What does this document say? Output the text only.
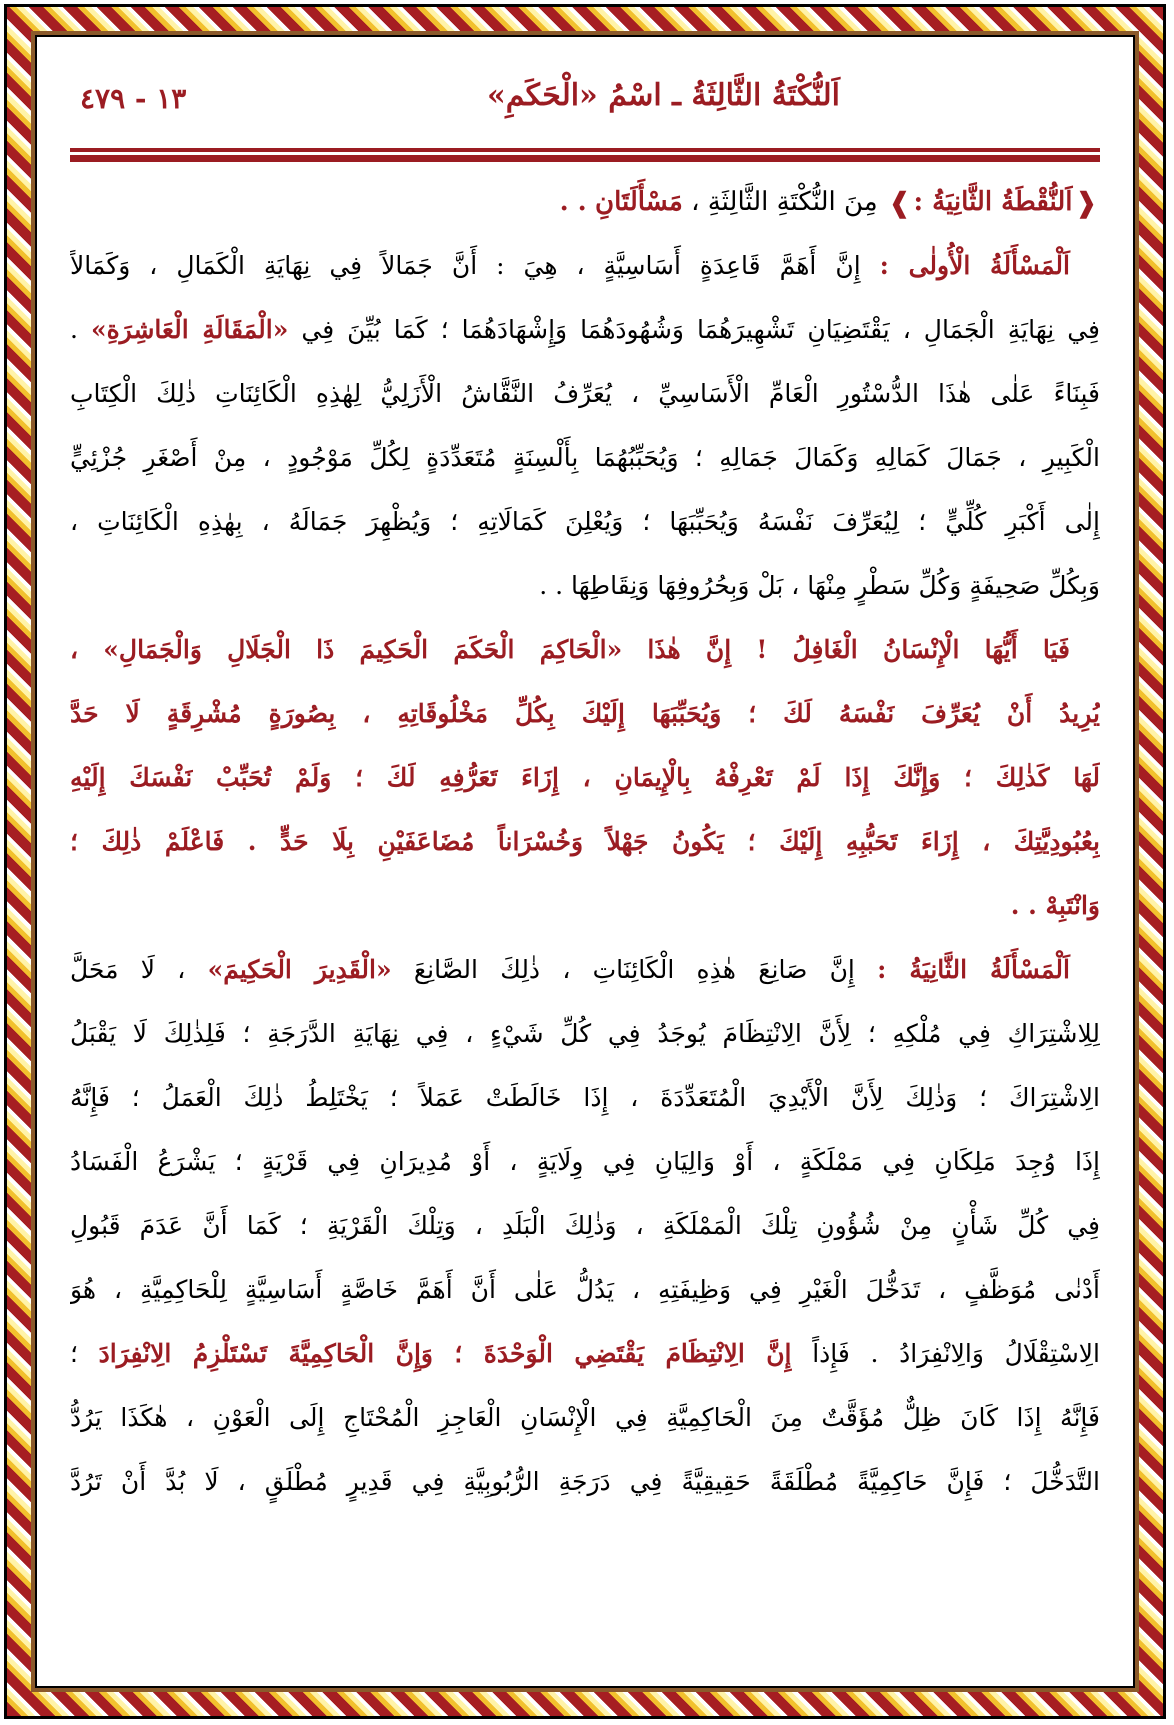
اَلنُّكْتَةُ الثَّالِثَةُ ـ اسْمُ «الْحَكَمِ»
١٣ - ٤٧٩
❰اَلنُّقْطَةُ الثَّانِيَةُ :❱ مِنَ النُّكْتَةِ الثَّالِثَةِ ، مَسْأَلَتَانِ . .
اَلْمَسْأَلَةُ الْأُولٰى : إِنَّ أَهَمَّ قَاعِدَةٍ أَسَاسِيَّةٍ ، هِيَ : أَنَّ جَمَالاً فِي نِهَايَةِ الْكَمَالِ ، وَكَمَالاً
فِي نِهَايَةِ الْجَمَالِ ، يَقْتَضِيَانِ تَشْهِيرَهُمَا وَشُهُودَهُمَا وَإِشْهَادَهُمَا ؛ كَمَا بُيِّنَ فِي «الْمَقَالَةِ الْعَاشِرَةِ» .
فَبِنَاءً عَلٰى هٰذَا الدُّسْتُورِ الْعَامِّ الْأَسَاسِيِّ ، يُعَرِّفُ النَّقَّاشُ الْأَزَلِيُّ لِهٰذِهِ الْكَائِنَاتِ ذٰلِكَ الْكِتَابِ
الْكَبِيرِ ، جَمَالَ كَمَالِهِ وَكَمَالَ جَمَالِهِ ؛ وَيُحَبِّبُهُمَا بِأَلْسِنَةٍ مُتَعَدِّدَةٍ لِكُلِّ مَوْجُودٍ ، مِنْ أَصْغَرِ جُزْئِيٍّ
إِلٰى أَكْبَرِ كُلِّيٍّ ؛ لِيُعَرِّفَ نَفْسَهُ وَيُحَبِّبَهَا ؛ وَيُعْلِنَ كَمَالَاتِهِ ؛ وَيُظْهِرَ جَمَالَهُ ، بِهٰذِهِ الْكَائِنَاتِ ،
وَبِكُلِّ صَحِيفَةٍ وَكُلِّ سَطْرٍ مِنْهَا ، بَلْ وَبِحُرُوفِهَا وَنِقَاطِهَا . .
فَيَا أَيُّهَا الْإِنْسَانُ الْغَافِلُ ! إِنَّ هٰذَا «الْحَاكِمَ الْحَكَمَ الْحَكِيمَ ذَا الْجَلَالِ وَالْجَمَالِ» ،
يُرِيدُ أَنْ يُعَرِّفَ نَفْسَهُ لَكَ ؛ وَيُحَبِّبَهَا إِلَيْكَ بِكُلِّ مَخْلُوقَاتِهِ ، بِصُورَةٍ مُشْرِقَةٍ لَا حَدَّ
لَهَا كَذٰلِكَ ؛ وَإِنَّكَ إِذَا لَمْ تَعْرِفْهُ بِالْإِيمَانِ ، إِزَاءَ تَعَرُّفِهِ لَكَ ؛ وَلَمْ تُحَبِّبْ نَفْسَكَ إِلَيْهِ
بِعُبُودِيَّتِكَ ، إِزَاءَ تَحَبُّبِهِ إِلَيْكَ ؛ يَكُونُ جَهْلاً وَخُسْرَاناً مُضَاعَفَيْنِ بِلَا حَدٍّ . فَاعْلَمْ ذٰلِكَ ؛
وَانْتَبِهْ . .
اَلْمَسْأَلَةُ الثَّانِيَةُ : إِنَّ صَانِعَ هٰذِهِ الْكَائِنَاتِ ، ذٰلِكَ الصَّانِعَ «الْقَدِيرَ الْحَكِيمَ» ، لَا مَحَلَّ
لِلِاشْتِرَاكِ فِي مُلْكِهِ ؛ لِأَنَّ الِانْتِظَامَ يُوجَدُ فِي كُلِّ شَيْءٍ ، فِي نِهَايَةِ الدَّرَجَةِ ؛ فَلِذٰلِكَ لَا يَقْبَلُ
الِاشْتِرَاكَ ؛ وَذٰلِكَ لِأَنَّ الْأَيْدِيَ الْمُتَعَدِّدَةَ ، إِذَا خَالَطَتْ عَمَلاً ؛ يَخْتَلِطُ ذٰلِكَ الْعَمَلُ ؛ فَإِنَّهُ
إِذَا وُجِدَ مَلِكَانِ فِي مَمْلَكَةٍ ، أَوْ وَالِيَانِ فِي وِلَايَةٍ ، أَوْ مُدِيرَانِ فِي قَرْيَةٍ ؛ يَشْرَعُ الْفَسَادُ
فِي كُلِّ شَأْنٍ مِنْ شُؤُونِ تِلْكَ الْمَمْلَكَةِ ، وَذٰلِكَ الْبَلَدِ ، وَتِلْكَ الْقَرْيَةِ ؛ كَمَا أَنَّ عَدَمَ قَبُولِ
أَدْنٰى مُوَظَّفٍ ، تَدَخُّلَ الْغَيْرِ فِي وَظِيفَتِهِ ، يَدُلُّ عَلٰى أَنَّ أَهَمَّ خَاصَّةٍ أَسَاسِيَّةٍ لِلْحَاكِمِيَّةِ ، هُوَ
الِاسْتِقْلَالُ وَالِانْفِرَادُ . فَإِذاً إِنَّ الِانْتِظَامَ يَقْتَضِي الْوَحْدَةَ ؛ وَإِنَّ الْحَاكِمِيَّةَ تَسْتَلْزِمُ الِانْفِرَادَ ؛
فَإِنَّهُ إِذَا كَانَ ظِلٌّ مُؤَقَّتٌ مِنَ الْحَاكِمِيَّةِ فِي الْإِنْسَانِ الْعَاجِزِ الْمُحْتَاجِ إِلَى الْعَوْنِ ، هٰكَذَا يَرُدُّ
التَّدَخُّلَ ؛ فَإِنَّ حَاكِمِيَّةً مُطْلَقَةً حَقِيقِيَّةً فِي دَرَجَةِ الرُّبُوبِيَّةِ فِي قَدِيرٍ مُطْلَقٍ ، لَا بُدَّ أَنْ تَرُدَّ
